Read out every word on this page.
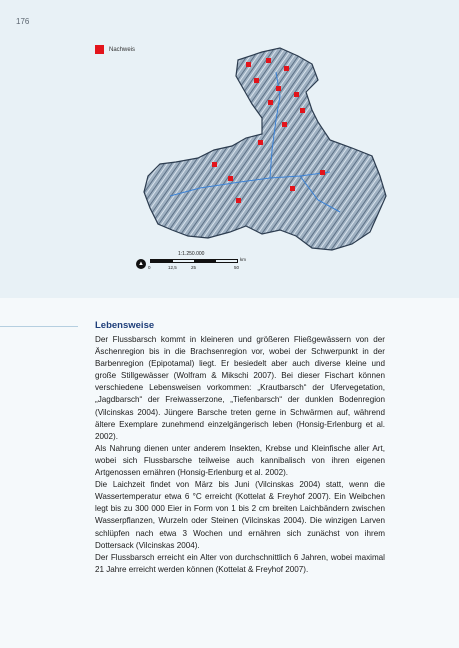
176
Nachweis
1:1.250.000
▲
0	12,5	25	50
km
Lebensweise

Der Flussbarsch kommt in kleineren und größeren Fließgewässern von der Äschenregion bis in die Brachsenregion vor, wobei der Schwerpunkt in der Barbenregion (Epipotamal) liegt. Er besiedelt aber auch diverse kleine und große Stillgewässer (Wolfram & Mikschi 2007). Bei dieser Fischart können verschiedene Lebensweisen vorkommen: „Krautbarsch“ der Ufervegetation, „Jagdbarsch“ der Freiwasserzone, „Tiefenbarsch“ der dunklen Bodenregion (Vilcinskas 2004). Jüngere Barsche treten gerne in Schwärmen auf, während ältere Exemplare zunehmend einzelgängerisch leben (Honsig-Erlenburg et al. 2002).

Als Nahrung dienen unter anderem Insekten, Krebse und Kleinfische aller Art, wobei sich Flussbarsche teilweise auch kannibalisch von ihren eigenen Artgenossen ernähren (Honsig-Erlenburg et al. 2002).

Die Laichzeit findet von März bis Juni (Vilcinskas 2004) statt, wenn die Wassertemperatur etwa 6 °C erreicht (Kottelat & Freyhof 2007). Ein Weibchen legt bis zu 300 000 Eier in Form von 1 bis 2 cm breiten Laichbändern zwischen Wasserpflanzen, Wurzeln oder Steinen (Vilcinskas 2004). Die winzigen Larven schlüpfen nach etwa 3 Wochen und ernähren sich zunächst von ihrem Dottersack (Vilcinskas 2004).

Der Flussbarsch erreicht ein Alter von durchschnittlich 6 Jahren, wobei maximal 21 Jahre erreicht werden können (Kottelat & Freyhof 2007).
